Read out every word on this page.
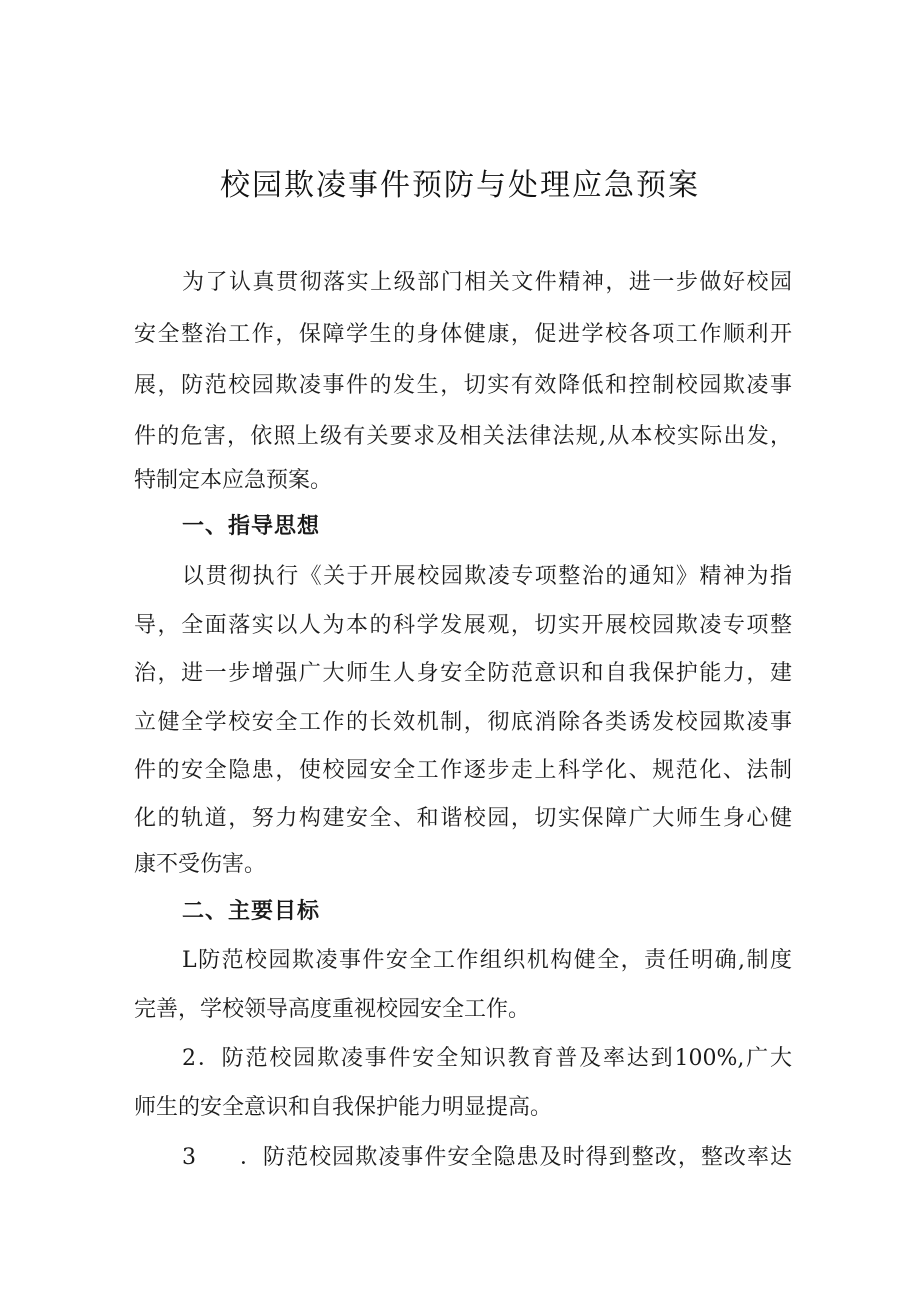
校园欺凌事件预防与处理应急预案
为了认真贯彻落实上级部门相关文件精神，进一步做好校园
安全整治工作，保障学生的身体健康，促进学校各项工作顺利开
展，防范校园欺凌事件的发生，切实有效降低和控制校园欺凌事
件的危害，依照上级有关要求及相关法律法规,从本校实际出发，
特制定本应急预案。
一、指导思想
以贯彻执行《关于开展校园欺凌专项整治的通知》精神为指
导，全面落实以人为本的科学发展观，切实开展校园欺凌专项整
治，进一步增强广大师生人身安全防范意识和自我保护能力，建
立健全学校安全工作的长效机制，彻底消除各类诱发校园欺凌事
件的安全隐患，使校园安全工作逐步走上科学化、规范化、法制
化的轨道，努力构建安全、和谐校园，切实保障广大师生身心健
康不受伤害。
二、主要目标
L防范校园欺凌事件安全工作组织机构健全，责任明确,制度
完善，学校领导高度重视校园安全工作。
2．防范校园欺凌事件安全知识教育普及率达到100%,广大
师生的安全意识和自我保护能力明显提高。
3	．防范校园欺凌事件安全隐患及时得到整改，整改率达
